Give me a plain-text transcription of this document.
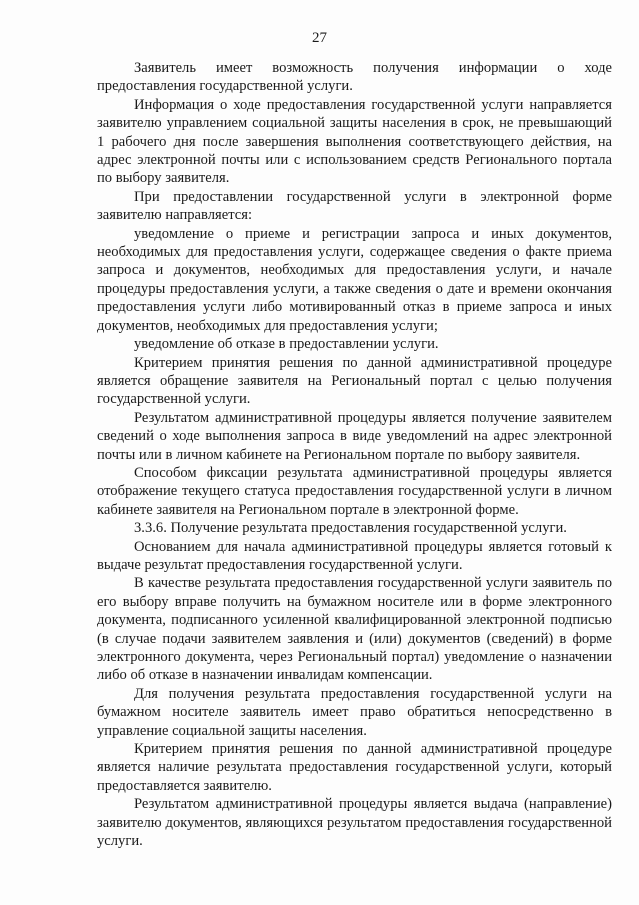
27

Заявитель имеет возможность получения информации о ходе предоставления государственной услуги.

Информация о ходе предоставления государственной услуги направляется заявителю управлением социальной защиты населения в срок, не превышающий 1 рабочего дня после завершения выполнения соответствующего действия, на адрес электронной почты или с использованием средств Регионального портала по выбору заявителя.

При предоставлении государственной услуги в электронной форме заявителю направляется:

уведомление о приеме и регистрации запроса и иных документов, необходимых для предоставления услуги, содержащее сведения о факте приема запроса и документов, необходимых для предоставления услуги, и начале процедуры предоставления услуги, а также сведения о дате и времени окончания предоставления услуги либо мотивированный отказ в приеме запроса и иных документов, необходимых для предоставления услуги;

уведомление об отказе в предоставлении услуги.

Критерием принятия решения по данной административной процедуре является обращение заявителя на Региональный портал с целью получения государственной услуги.

Результатом административной процедуры является получение заявителем сведений о ходе выполнения запроса в виде уведомлений на адрес электронной почты или в личном кабинете на Региональном портале по выбору заявителя.

Способом фиксации результата административной процедуры является отображение текущего статуса предоставления государственной услуги в личном кабинете заявителя на Региональном портале в электронной форме.

3.3.6. Получение результата предоставления государственной услуги.

Основанием для начала административной процедуры является готовый к выдаче результат предоставления государственной услуги.

В качестве результата предоставления государственной услуги заявитель по его выбору вправе получить на бумажном носителе или в форме электронного документа, подписанного усиленной квалифицированной электронной подписью (в случае подачи заявителем заявления и (или) документов (сведений) в форме электронного документа, через Региональный портал) уведомление о назначении либо об отказе в назначении инвалидам компенсации.

Для получения результата предоставления государственной услуги на бумажном носителе заявитель имеет право обратиться непосредственно в управление социальной защиты населения.

Критерием принятия решения по данной административной процедуре является наличие результата предоставления государственной услуги, который предоставляется заявителю.

Результатом административной процедуры является выдача (направление) заявителю документов, являющихся результатом предоставления государственной услуги.
